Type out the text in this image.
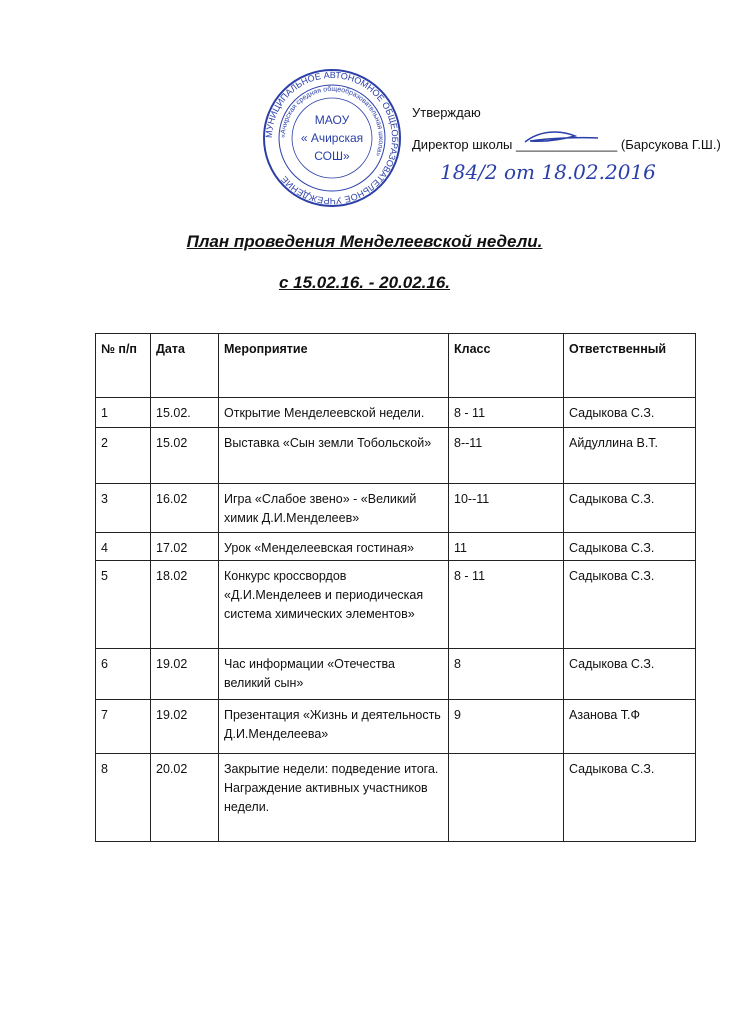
МУНИЦИПАЛЬНОЕ АВТОНОМНОЕ ОБЩЕОБРАЗОВАТЕЛЬНОЕ УЧРЕЖДЕНИЕ
«Ачирская средняя общеобразовательная школа»
МАОУ
« Ачирская
СОШ»
Утверждаю
Директор школы ______________ (Барсукова Г.Ш.)
184/2 от 18.02.2016
План проведения Менделеевской недели.
с 15.02.16. - 20.02.16.
№ п/п	Дата	Мероприятие	Класс	Ответственный
1	15.02.	Открытие Менделеевской недели.	8 - 11	Садыкова С.З.
2	15.02	Выставка «Сын земли Тобольской»	8--11	Айдуллина В.Т.
3	16.02	Игра «Слабое звено» - «Великий химик Д.И.Менделеев»	10--11	Садыкова С.З.
4	17.02	Урок «Менделеевская гостиная»	11	Садыкова С.З.
5	18.02	Конкурс кроссвордов «Д.И.Менделеев и периодическая система химических элементов»	8 - 11	Садыкова С.З.
6	19.02	Час информации «Отечества великий сын»	8	Садыкова С.З.
7	19.02	Презентация «Жизнь и деятельность Д.И.Менделеева»	9	Азанова Т.Ф
8	20.02	Закрытие недели: подведение итога. Награждение активных участников недели.		Садыкова С.З.
